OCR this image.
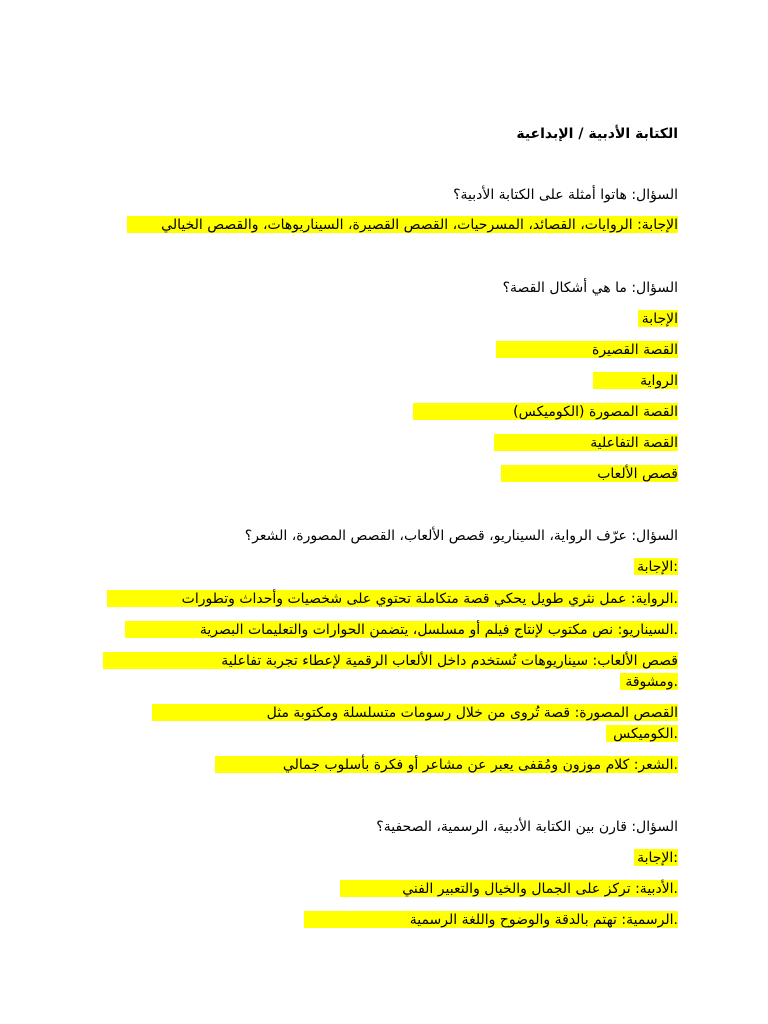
الكتابة الأدبية / الإبداعية
السؤال: هاتوا أمثلة على الكتابة الأدبية؟
الإجابة: الروايات، القصائد، المسرحيات، القصص القصيرة، السيناريوهات، والقصص الخيالي
السؤال: ما هي أشكال القصة؟
الإجابة
القصة القصيرة
الرواية
القصة المصورة (الكوميكس)
القصة التفاعلية
قصص الألعاب
السؤال: عرّف الرواية، السيناريو، قصص الألعاب، القصص المصورة، الشعر؟
:الإجابة
.الرواية: عمل نثري طويل يحكي قصة متكاملة تحتوي على شخصيات وأحداث وتطورات
.السيناريو: نص مكتوب لإنتاج فيلم أو مسلسل، يتضمن الحوارات والتعليمات البصرية
قصص الألعاب: سيناريوهات تُستخدم داخل الألعاب الرقمية لإعطاء تجربة تفاعلية
.ومشوقة
القصص المصورة: قصة تُروى من خلال رسومات متسلسلة ومكتوبة مثل
.الكوميكس
.الشعر: كلام موزون ومُقفى يعبر عن مشاعر أو فكرة بأسلوب جمالي
السؤال: قارن بين الكتابة الأدبية، الرسمية، الصحفية؟
:الإجابة
.الأدبية: تركز على الجمال والخيال والتعبير الفني
.الرسمية: تهتم بالدقة والوضوح واللغة الرسمية
